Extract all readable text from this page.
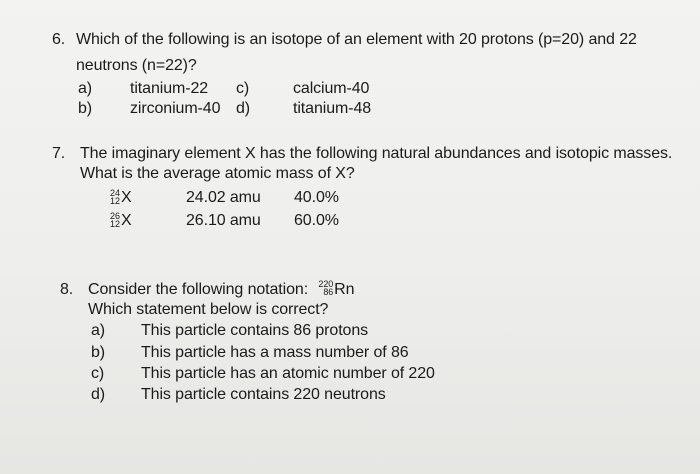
6. Which of the following is an isotope of an element with 20 protons (p=20) and 22
neutrons (n=22)?
a) titanium-22 c)	calcium-40
b) zirconium-40 d)	titanium-48
7. The imaginary element X has the following natural abundances and isotopic masses.
What is the average atomic mass of X?
24
12 X	24.02 amu 40.0%
26
12 X	26.10 amu 60.0%
8. Consider the following notation: 220
86 Rn
Which statement below is correct?
a) This particle contains 86 protons
b) This particle has a mass number of 86
c) This particle has an atomic number of 220
d) This particle contains 220 neutrons
